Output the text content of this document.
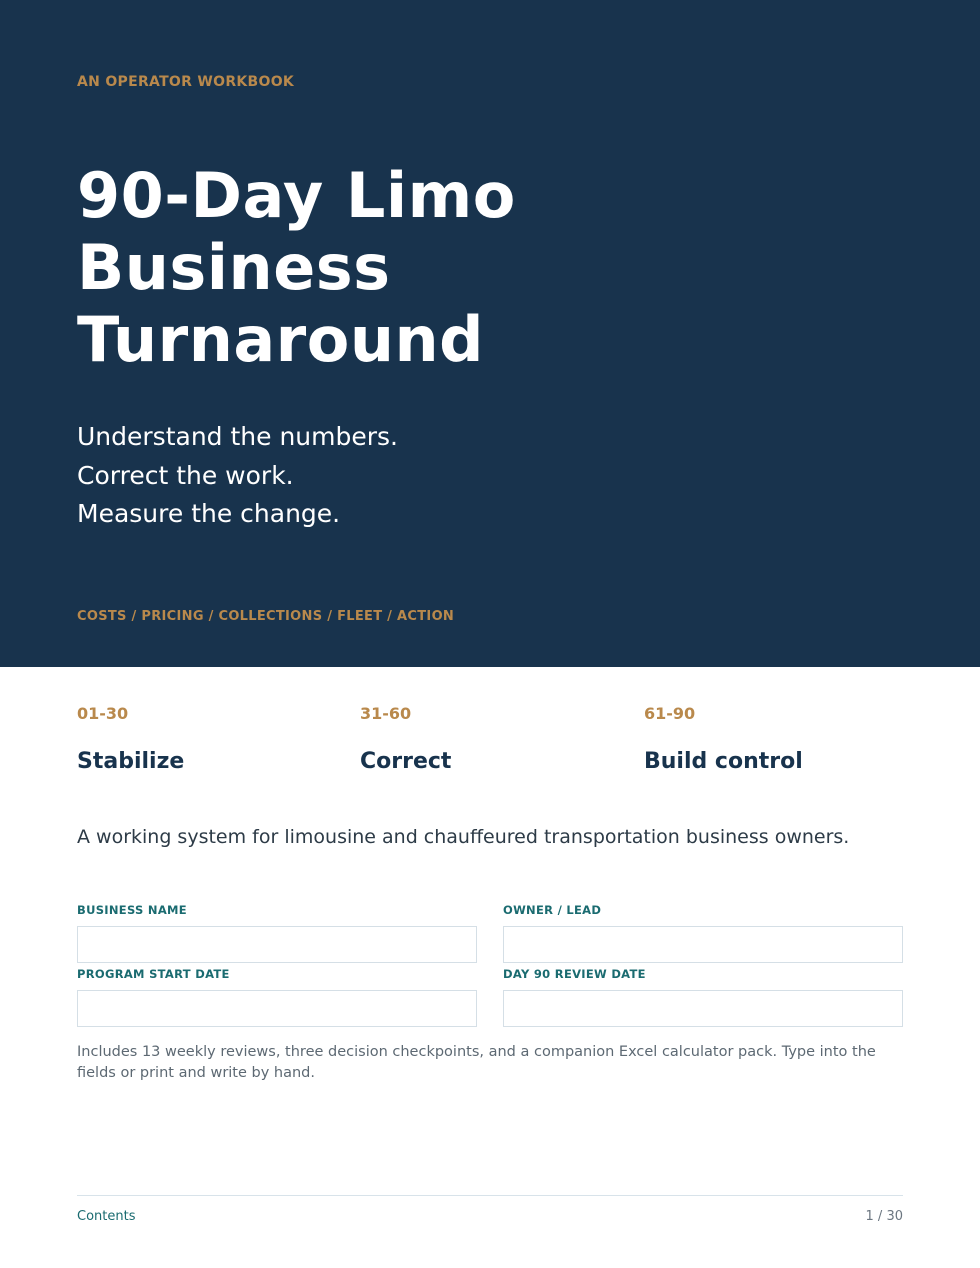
AN OPERATOR WORKBOOK
90-Day Limo
Business
Turnaround
Understand the numbers.
Correct the work.
Measure the change.
COSTS / PRICING / COLLECTIONS / FLEET / ACTION
01-30
Stabilize
31-60
Correct
61-90
Build control
A working system for limousine and chauffeured transportation business owners.
BUSINESS NAME	OWNER / LEAD
PROGRAM START DATE	DAY 90 REVIEW DATE
Includes 13 weekly reviews, three decision checkpoints, and a companion Excel calculator pack. Type into the fields or print and write by hand.
Contents	1 / 30
